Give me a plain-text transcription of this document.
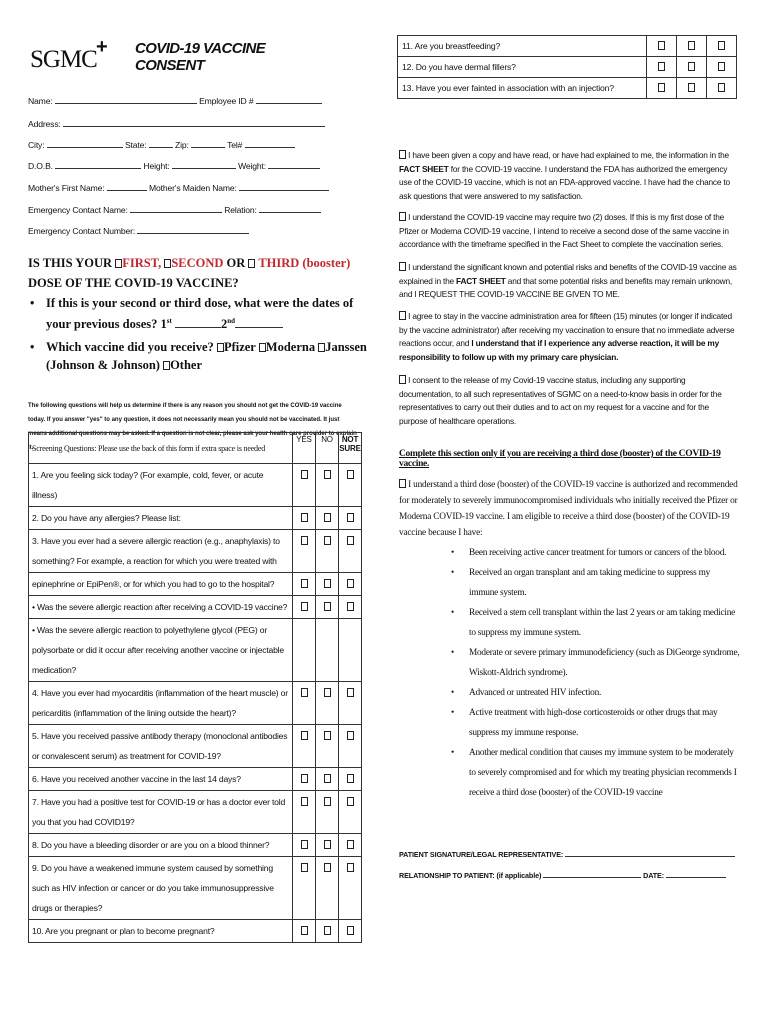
SGMC + COVID-19 VACCINE CONSENT
11. Are you breastfeeding?			
12. Do you have dermal fillers?			
13. Have you ever fainted in association with an injection?			
Name:	Employee ID #
Address:
City:	State:	Zip:	Tel#
D.O.B.	Height:	Weight:
Mother's First Name:	Mother's Maiden Name:
Emergency Contact Name:	Relation:
Emergency Contact Number:
IS THIS YOUR FIRST, SECOND OR THIRD (booster) DOSE OF THE COVID-19 VACCINE?
• If this is your second or third dose, what were the dates of your previous doses? 1st	2nd
• Which vaccine did you receive? Pfizer Moderna Janssen (Johnson & Johnson) Other
The following questions will help us determine if there is any reason you should not get the COVID-19 vaccine today. If you answer "yes" to any question, it does not necessarily mean you should not be vaccinated. It just means additional questions may be asked. If a question is not clear, please ask your health care provider to explain it.
Screening Questions: Please use the back of this form if extra space is needed	YES	NO	NOT SURE
1. Are you feeling sick today? (For example, cold, fever, or acute illness)			
2. Do you have any allergies? Please list:			
3. Have you ever had a severe allergic reaction (e.g., anaphylaxis) to something? For example, a reaction for which you were treated with			
epinephrine or EpiPen®, or for which you had to go to the hospital?			
• Was the severe allergic reaction after receiving a COVID-19 vaccine?			
• Was the severe allergic reaction to polyethylene glycol (PEG) or polysorbate or did it occur after receiving another vaccine or injectable medication?			
4. Have you ever had myocarditis (inflammation of the heart muscle) or pericarditis (inflammation of the lining outside the heart)?			
5. Have you received passive antibody therapy (monoclonal antibodies or convalescent serum) as treatment for COVID-19?			
6. Have you received another vaccine in the last 14 days?			
7. Have you had a positive test for COVID-19 or has a doctor ever told you that you had COVID19?			
8. Do you have a bleeding disorder or are you on a blood thinner?			
9. Do you have a weakened immune system caused by something such as HIV infection or cancer or do you take immunosuppressive drugs or therapies?			
10. Are you pregnant or plan to become pregnant?			
I have been given a copy and have read, or have had explained to me, the information in the FACT SHEET for the COVID-19 vaccine. I understand the FDA has authorized the emergency use of the COVID-19 vaccine, which is not an FDA-approved vaccine. I have had the chance to ask questions that were answered to my satisfaction.
I understand the COVID-19 vaccine may require two (2) doses. If this is my first dose of the Pfizer or Moderna COVID-19 vaccine, I intend to receive a second dose of the same vaccine in accordance with the timeframe specified in the Fact Sheet to complete the vaccination series.
I understand the significant known and potential risks and benefits of the COVID-19 vaccine as explained in the FACT SHEET and that some potential risks and benefits may remain unknown, and I REQUEST THE COVID-19 VACCINE BE GIVEN TO ME.
I agree to stay in the vaccine administration area for fifteen (15) minutes (or longer if indicated by the vaccine administrator) after receiving my vaccination to ensure that no immediate adverse reactions occur, and I understand that if I experience any adverse reaction, it will be my responsibility to follow up with my primary care physician.
I consent to the release of my Covid-19 vaccine status, including any supporting documentation, to all such representatives of SGMC on a need-to-know basis in order for the representatives to carry out their duties and to act on my request for a vaccine and for the purpose of healthcare operations.
Complete this section only if you are receiving a third dose (booster) of the COVID-19 vaccine.
I understand a third dose (booster) of the COVID-19 vaccine is authorized and recommended for moderately to severely immunocompromised individuals who initially received the Pfizer or Moderna COVID-19 vaccine. I am eligible to receive a third dose (booster) of the COVID-19 vaccine because I have:
• Been receiving active cancer treatment for tumors or cancers of the blood.
• Received an organ transplant and am taking medicine to suppress my immune system.
• Received a stem cell transplant within the last 2 years or am taking medicine to suppress my immune system.
• Moderate or severe primary immunodeficiency (such as DiGeorge syndrome, Wiskott-Aldrich syndrome).
• Advanced or untreated HIV infection.
• Active treatment with high-dose corticosteroids or other drugs that may suppress my immune response.
• Another medical condition that causes my immune system to be moderately to severely compromised and for which my treating physician recommends I receive a third dose (booster) of the COVID-19 vaccine
PATIENT SIGNATURE/LEGAL REPRESENTATIVE:
RELATIONSHIP TO PATIENT: (if applicable)	DATE:
